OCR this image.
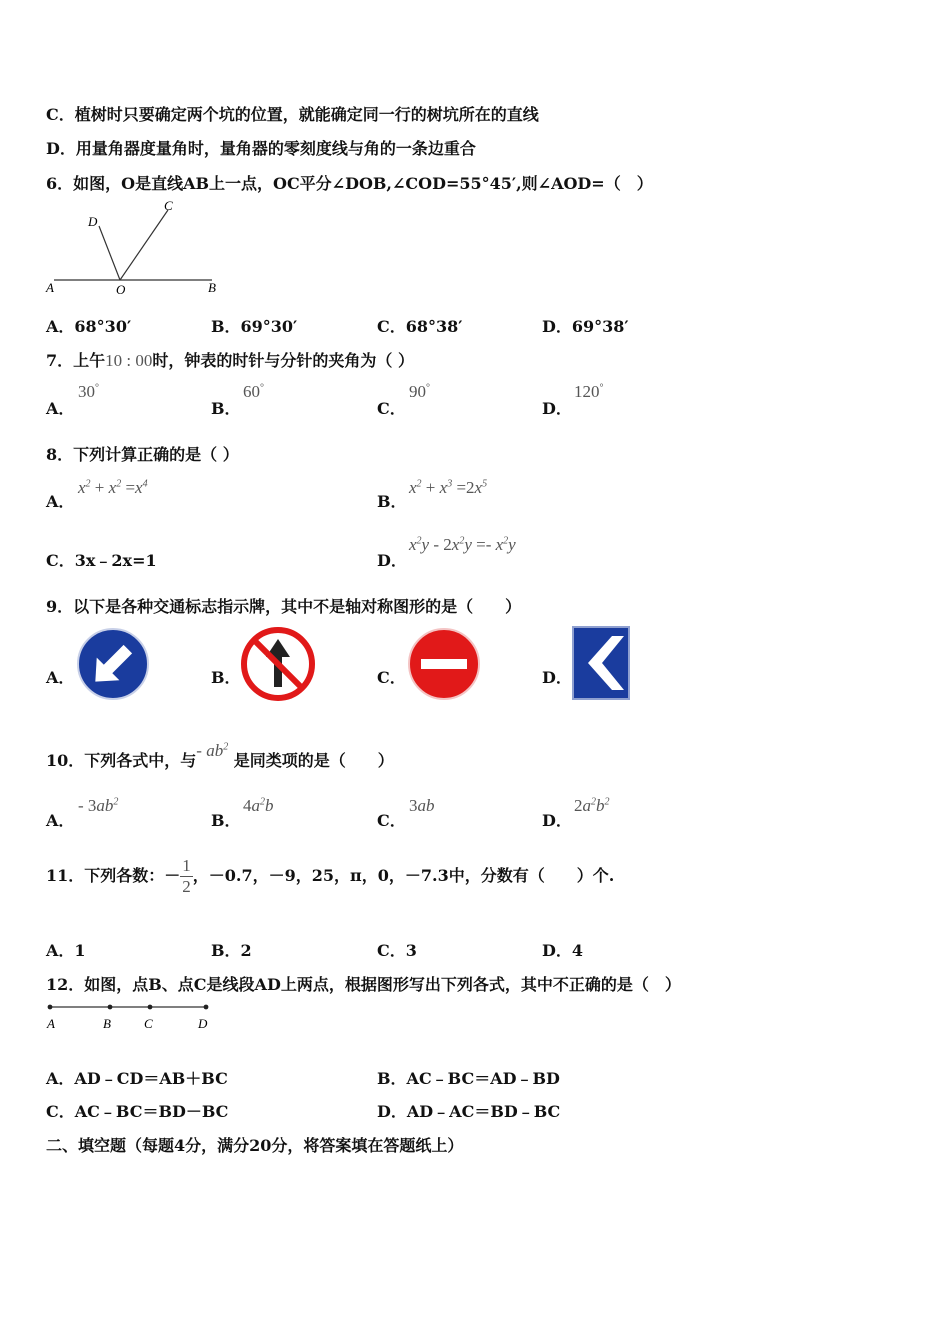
C．植树时只要确定两个坑的位置，就能确定同一行的树坑所在的直线
D．用量角器度量角时，量角器的零刻度线与角的一条边重合
6．如图，O是直线AB上一点，OC平分∠DOB,∠COD=55°45′,则∠AOD=（　）
A	O	B
D
C
A．68°30′	B．69°30′	C．68°38′	D．69°38′
7．上午10 : 00时，钟表的时针与分针的夹角为（ ）
A．
30°
B．
60°
C．
90°
D．
120°
8．下列计算正确的是（ ）
A．
$x^2 + x^2 =x^4$
B．
$x^2 + x^3 =2x^5$
C．3x﹣2x=1	D．
$x^2y - 2x^2y =- x^2y$
9．以下是各种交通标志指示牌，其中不是轴对称图形的是（　　）
A．	B．	C．	D．
10．下列各式中，与- $ab^2$ 是同类项的是（　　）
A．
- $3ab^2$
B．
$4a^2b$
C．
3ab
D．
$2a^2b^2$
11．下列各数：－ $\frac{1}{2}$ ，－0.7，－9，25，π，0，－7.3中，分数有（　　）个.
A．1	B．2	C．3	D．4
12．如图，点B、点C是线段AD上两点，根据图形写出下列各式，其中不正确的是（　）
A	B	C	D
A．AD﹣CD＝AB＋BC	B．AC﹣BC＝AD﹣BD
C．AC﹣BC＝BD－BC	D．AD﹣AC＝BD﹣BC
二、填空题（每题4分，满分20分，将答案填在答题纸上）
